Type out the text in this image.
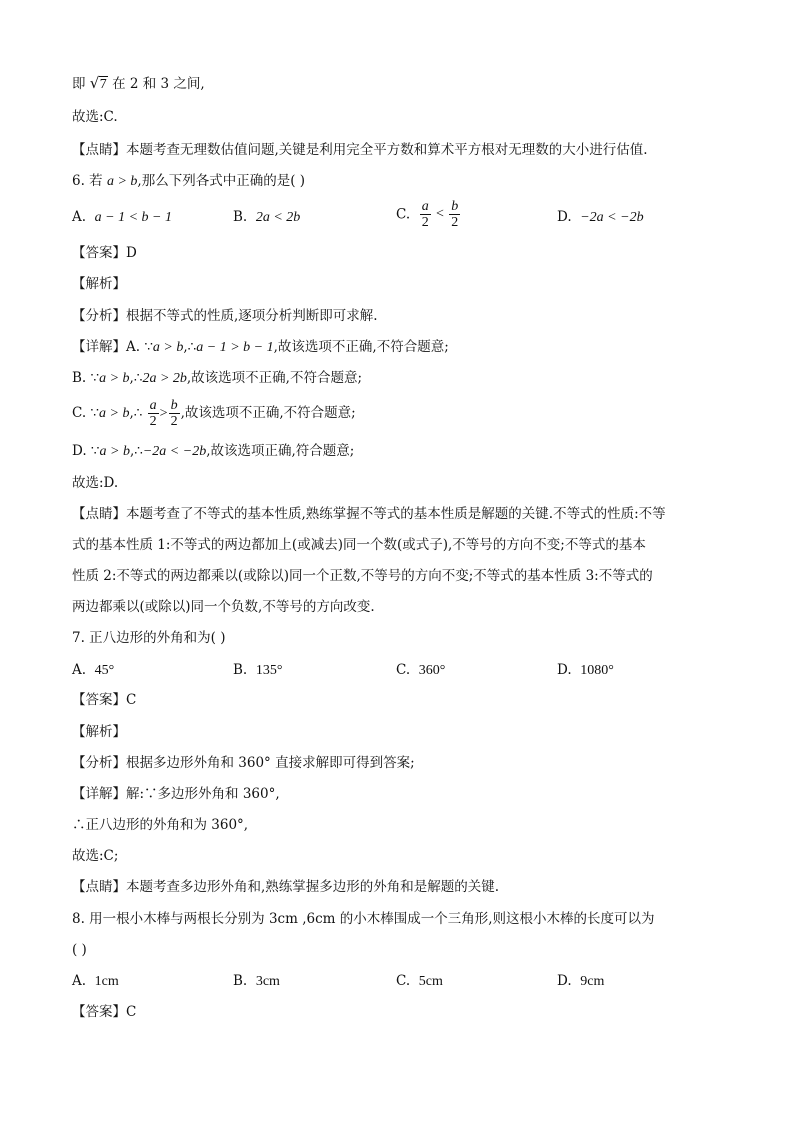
即 √ 7 在 2 和 3 之间,
故选:C.
【点睛】本题考查无理数估值问题,关键是利用完全平方数和算术平方根对无理数的大小进行估值.
6. 若 a > b,那么下列各式中正确的是( )
A. a − 1 < b − 1	B. 2a < 2b	C. $\frac{a}{2} < \frac{b}{2}$	D. −2a < −2b
【答案】D
【解析】
【分析】根据不等式的性质,逐项分析判断即可求解.
【详解】A. ∵a > b,∴a − 1 > b − 1,故该选项不正确,不符合题意;
B. ∵a > b,∴2a > 2b,故该选项不正确,不符合题意;
C. ∵a > b,∴ $\frac{a}{2} > \frac{b}{2}$ ,故该选项不正确,不符合题意;
D. ∵a > b,∴−2a < −2b,故该选项正确,符合题意;
故选:D.
【点睛】本题考查了不等式的基本性质,熟练掌握不等式的基本性质是解题的关键.不等式的性质:不等
式的基本性质 1:不等式的两边都加上(或减去)同一个数(或式子),不等号的方向不变;不等式的基本
性质 2:不等式的两边都乘以(或除以)同一个正数,不等号的方向不变;不等式的基本性质 3:不等式的
两边都乘以(或除以)同一个负数,不等号的方向改变.
7. 正八边形的外角和为( )
A. 45°	B. 135°	C. 360°	D. 1080°
【答案】C
【解析】
【分析】根据多边形外角和 360° 直接求解即可得到答案;
【详解】解:∵多边形外角和 360°,
∴正八边形的外角和为 360°,
故选:C;
【点睛】本题考查多边形外角和,熟练掌握多边形的外角和是解题的关键.
8. 用一根小木棒与两根长分别为 3cm ,6cm 的小木棒围成一个三角形,则这根小木棒的长度可以为
( )
A. 1cm	B. 3cm	C. 5cm	D. 9cm
【答案】C
